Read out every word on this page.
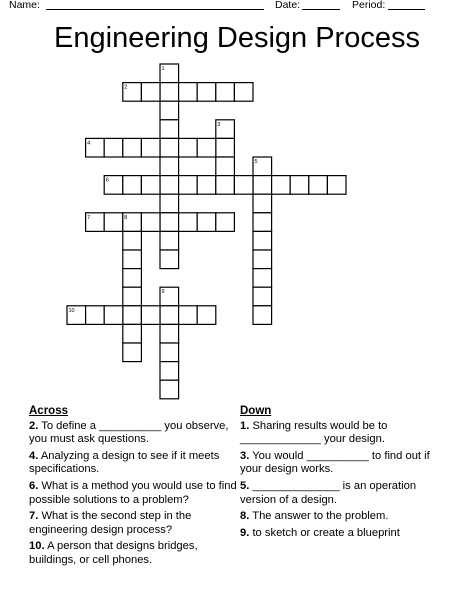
Name:	Date:	Period:
Engineering Design Process
1
2
3
4
5
6
7	8
9
10
Across
2. To define a __________ you observe, you must ask questions.
4. Analyzing a design to see if it meets specifications.
6. What is a method you would use to find possible solutions to a problem?
7. What is the second step in the engineering design process?
10. A person that designs bridges, buildings, or cell phones.
Down
1. Sharing results would be to _____________ your design.
3. You would __________ to find out if your design works.
5. ______________ is an operation version of a design.
8. The answer to the problem.
9. to sketch or create a blueprint
